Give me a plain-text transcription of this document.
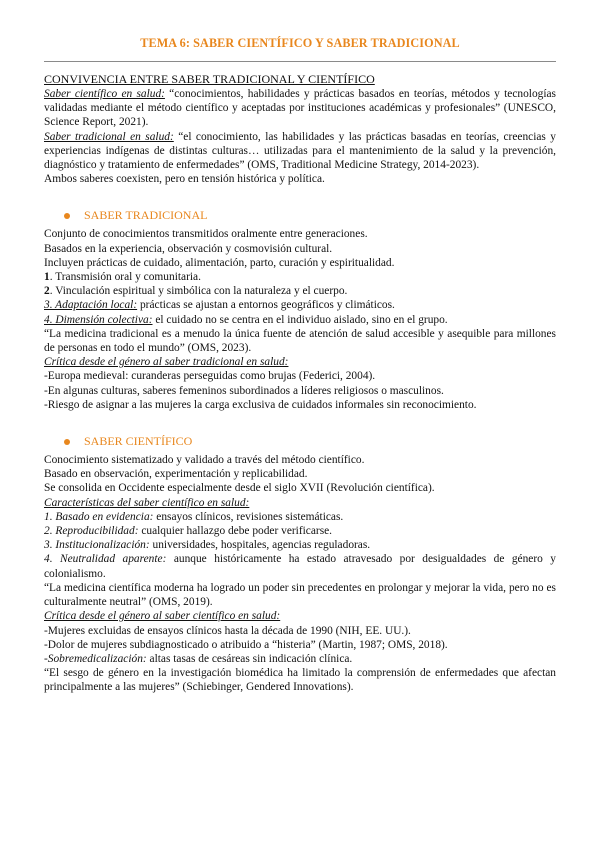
TEMA 6: SABER CIENTÍFICO Y SABER TRADICIONAL
CONVIVENCIA ENTRE SABER TRADICIONAL Y CIENTÍFICO

Saber científico en salud: “conocimientos, habilidades y prácticas basados en teorías, métodos y tecnologías validadas mediante el método científico y aceptadas por instituciones académicas y profesionales” (UNESCO, Science Report, 2021).

Saber tradicional en salud: “el conocimiento, las habilidades y las prácticas basadas en teorías, creencias y experiencias indígenas de distintas culturas… utilizadas para el mantenimiento de la salud y la prevención, diagnóstico y tratamiento de enfermedades” (OMS, Traditional Medicine Strategy, 2014-2023).

Ambos saberes coexisten, pero en tensión histórica y política.

SABER TRADICIONAL

Conjunto de conocimientos transmitidos oralmente entre generaciones.

Basados en la experiencia, observación y cosmovisión cultural.

Incluyen prácticas de cuidado, alimentación, parto, curación y espiritualidad.

1. Transmisión oral y comunitaria.

2. Vinculación espiritual y simbólica con la naturaleza y el cuerpo.

3. Adaptación local: prácticas se ajustan a entornos geográficos y climáticos.

4. Dimensión colectiva: el cuidado no se centra en el individuo aislado, sino en el grupo.

“La medicina tradicional es a menudo la única fuente de atención de salud accesible y asequible para millones de personas en todo el mundo” (OMS, 2023).

Crítica desde el género al saber tradicional en salud:

-Europa medieval: curanderas perseguidas como brujas (Federici, 2004).

-En algunas culturas, saberes femeninos subordinados a líderes religiosos o masculinos.

-Riesgo de asignar a las mujeres la carga exclusiva de cuidados informales sin reconocimiento.

SABER CIENTÍFICO

Conocimiento sistematizado y validado a través del método científico.

Basado en observación, experimentación y replicabilidad.

Se consolida en Occidente especialmente desde el siglo XVII (Revolución científica).

Características del saber científico en salud:

1. Basado en evidencia: ensayos clínicos, revisiones sistemáticas.

2. Reproducibilidad: cualquier hallazgo debe poder verificarse.

3. Institucionalización: universidades, hospitales, agencias reguladoras.

4. Neutralidad aparente: aunque históricamente ha estado atravesado por desigualdades de género y colonialismo.

“La medicina científica moderna ha logrado un poder sin precedentes en prolongar y mejorar la vida, pero no es culturalmente neutral” (OMS, 2019).

Crítica desde el género al saber científico en salud:

-Mujeres excluidas de ensayos clínicos hasta la década de 1990 (NIH, EE. UU.).

-Dolor de mujeres subdiagnosticado o atribuido a “histeria” (Martin, 1987; OMS, 2018).

-Sobremedicalización: altas tasas de cesáreas sin indicación clínica.

“El sesgo de género en la investigación biomédica ha limitado la comprensión de enfermedades que afectan principalmente a las mujeres” (Schiebinger, Gendered Innovations).
